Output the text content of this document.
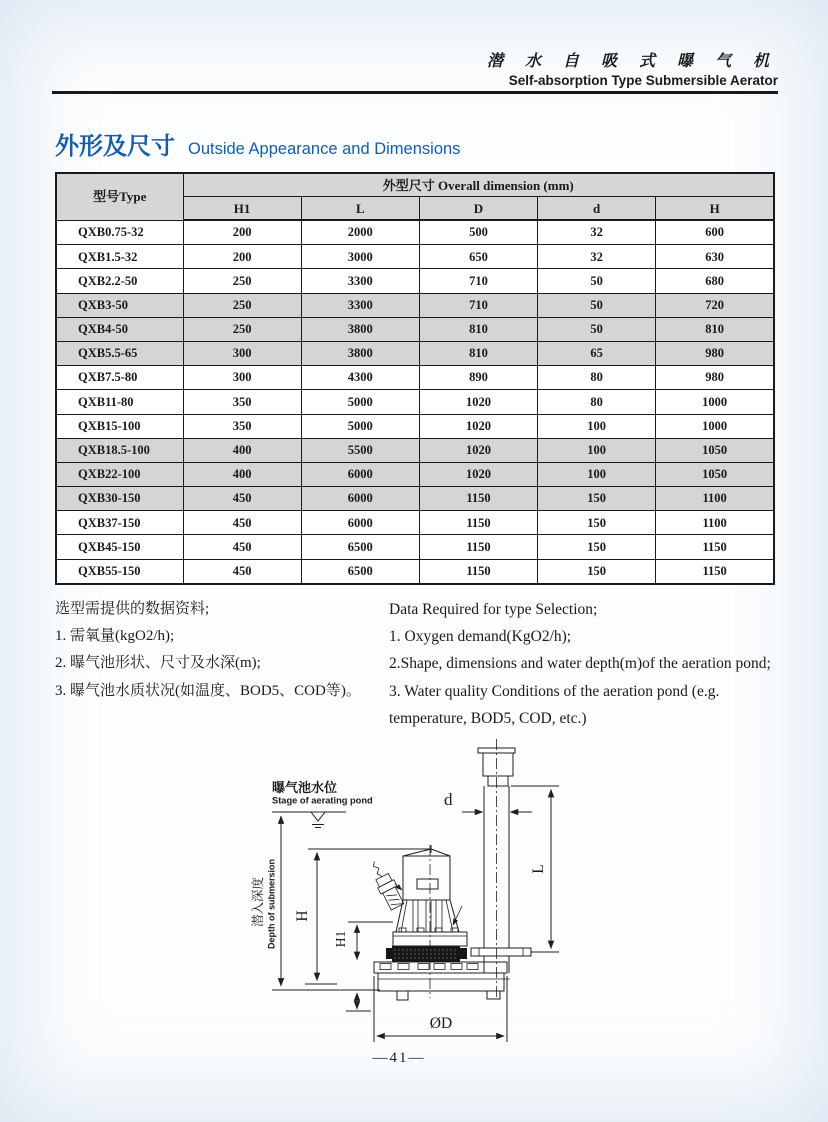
潜 水 自 吸 式 曝 气 机
Self-absorption Type Submersible Aerator
外形及尺寸 Outside Appearance and Dimensions
型号Type	外型尺寸 Overall dimension (mm)				
	H1	L	D	d	H
QXB0.75-32	200	2000	500	32	600
QXB1.5-32	200	3000	650	32	630
QXB2.2-50	250	3300	710	50	680
QXB3-50	250	3300	710	50	720
QXB4-50	250	3800	810	50	810
QXB5.5-65	300	3800	810	65	980
QXB7.5-80	300	4300	890	80	980
QXB11-80	350	5000	1020	80	1000
QXB15-100	350	5000	1020	100	1000
QXB18.5-100	400	5500	1020	100	1050
QXB22-100	400	6000	1020	100	1050
QXB30-150	450	6000	1150	150	1100
QXB37-150	450	6000	1150	150	1100
QXB45-150	450	6500	1150	150	1150
QXB55-150	450	6500	1150	150	1150
选型需提供的数据资料;
1. 需氧量(kgO2/h);
2. 曝气池形状、尺寸及水深(m);
3. 曝气池水质状况(如温度、BOD5、COD等)。
Data Required for type Selection;
1. Oxygen demand(KgO2/h);
2.Shape, dimensions and water depth(m)of the aeration pond;
3. Water quality Conditions of the aeration pond (e.g. temperature, BOD5, COD, etc.)
曝气池水位
Stage of aerating pond
潜入深度 Depth of submersion H
H1
d
L
ØD
—41—
